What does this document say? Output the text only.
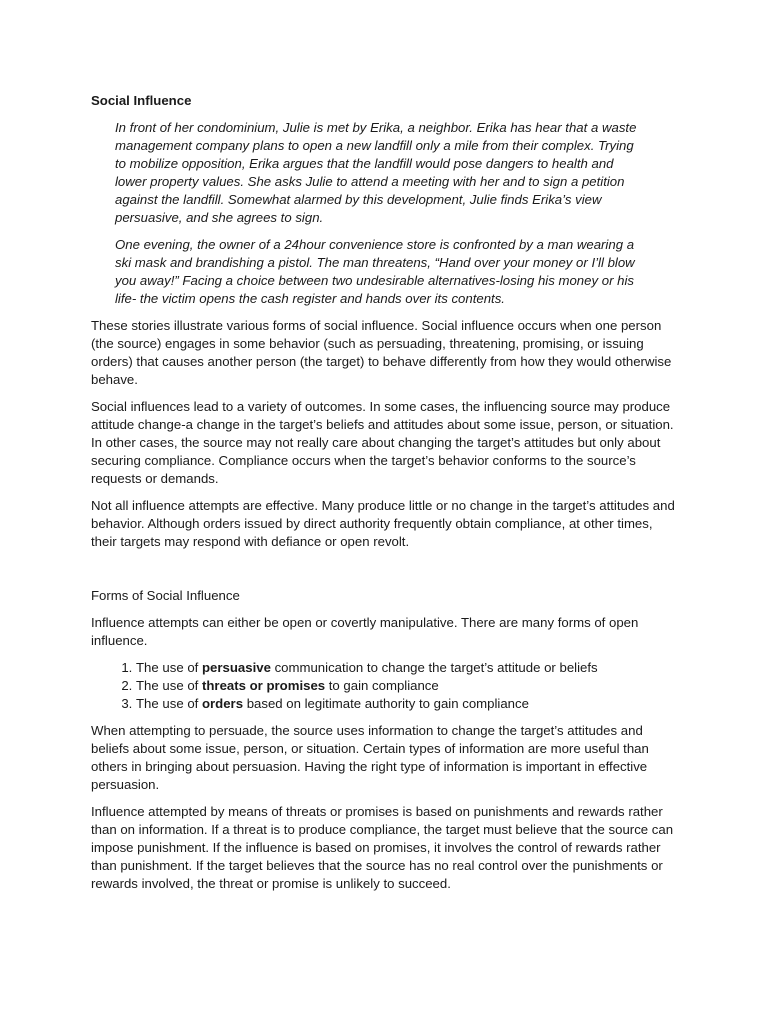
Social Influence

In front of her condominium, Julie is met by Erika, a neighbor. Erika has hear that a waste management company plans to open a new landfill only a mile from their complex. Trying to mobilize opposition, Erika argues that the landfill would pose dangers to health and lower property values. She asks Julie to attend a meeting with her and to sign a petition against the landfill. Somewhat alarmed by this development, Julie finds Erika’s view persuasive, and she agrees to sign.

One evening, the owner of a 24hour convenience store is confronted by a man wearing a ski mask and brandishing a pistol. The man threatens, “Hand over your money or I’ll blow you away!” Facing a choice between two undesirable alternatives-losing his money or his life- the victim opens the cash register and hands over its contents.

These stories illustrate various forms of social influence. Social influence occurs when one person (the source) engages in some behavior (such as persuading, threatening, promising, or issuing orders) that causes another person (the target) to behave differently from how they would otherwise behave.

Social influences lead to a variety of outcomes. In some cases, the influencing source may produce attitude change-a change in the target’s beliefs and attitudes about some issue, person, or situation. In other cases, the source may not really care about changing the target’s attitudes but only about securing compliance. Compliance occurs when the target’s behavior conforms to the source’s requests or demands.

Not all influence attempts are effective. Many produce little or no change in the target’s attitudes and behavior. Although orders issued by direct authority frequently obtain compliance, at other times, their targets may respond with defiance or open revolt.

Forms of Social Influence

Influence attempts can either be open or covertly manipulative. There are many forms of open influence.

1. The use of persuasive communication to change the target’s attitude or beliefs
2. The use of threats or promises to gain compliance
3. The use of orders based on legitimate authority to gain compliance

When attempting to persuade, the source uses information to change the target’s attitudes and beliefs about some issue, person, or situation. Certain types of information are more useful than others in bringing about persuasion. Having the right type of information is important in effective persuasion.

Influence attempted by means of threats or promises is based on punishments and rewards rather than on information. If a threat is to produce compliance, the target must believe that the source can impose punishment. If the influence is based on promises, it involves the control of rewards rather than punishment. If the target believes that the source has no real control over the punishments or rewards involved, the threat or promise is unlikely to succeed.
